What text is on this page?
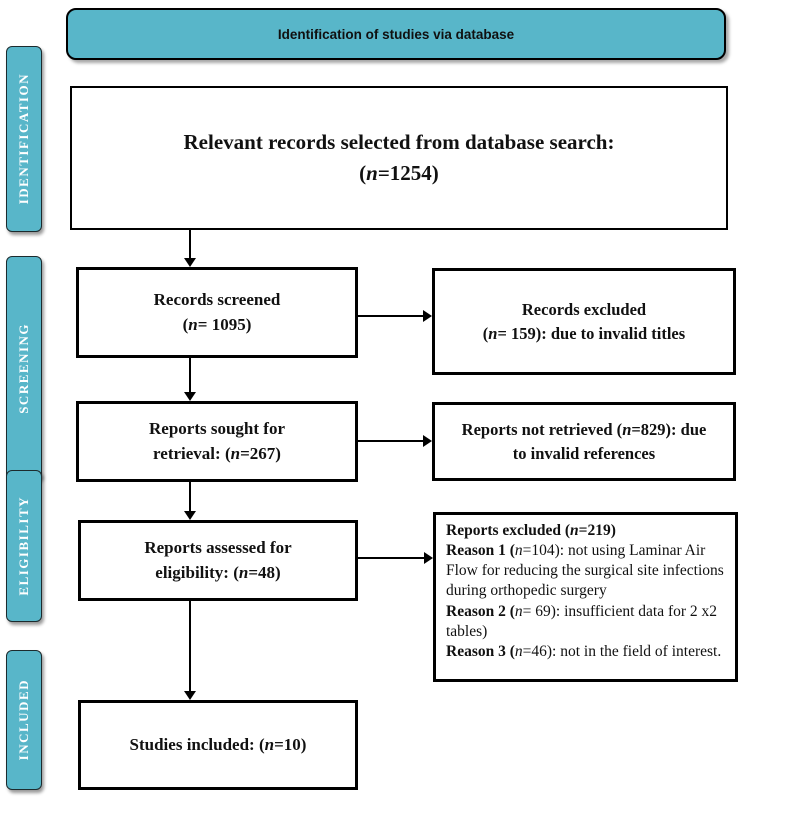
Identification of studies via database
IDENTIFICATION
SCREENING
ELIGIBILITY
INCLUDED
Relevant records selected from database search:
(n=1254)
Records screened
(n= 1095)
Reports sought for
retrieval: (n=267)
Reports assessed for
eligibility: (n=48)
Studies included: (n=10)
Records excluded
(n= 159): due to invalid titles
Reports not retrieved (n=829): due
to invalid references
Reports excluded (n=219)
Reason 1 (n=104): not using Laminar Air Flow for reducing the surgical site infections during orthopedic surgery
Reason 2 (n= 69): insufficient data for 2 x2 tables)
Reason 3 (n=46): not in the field of interest.
